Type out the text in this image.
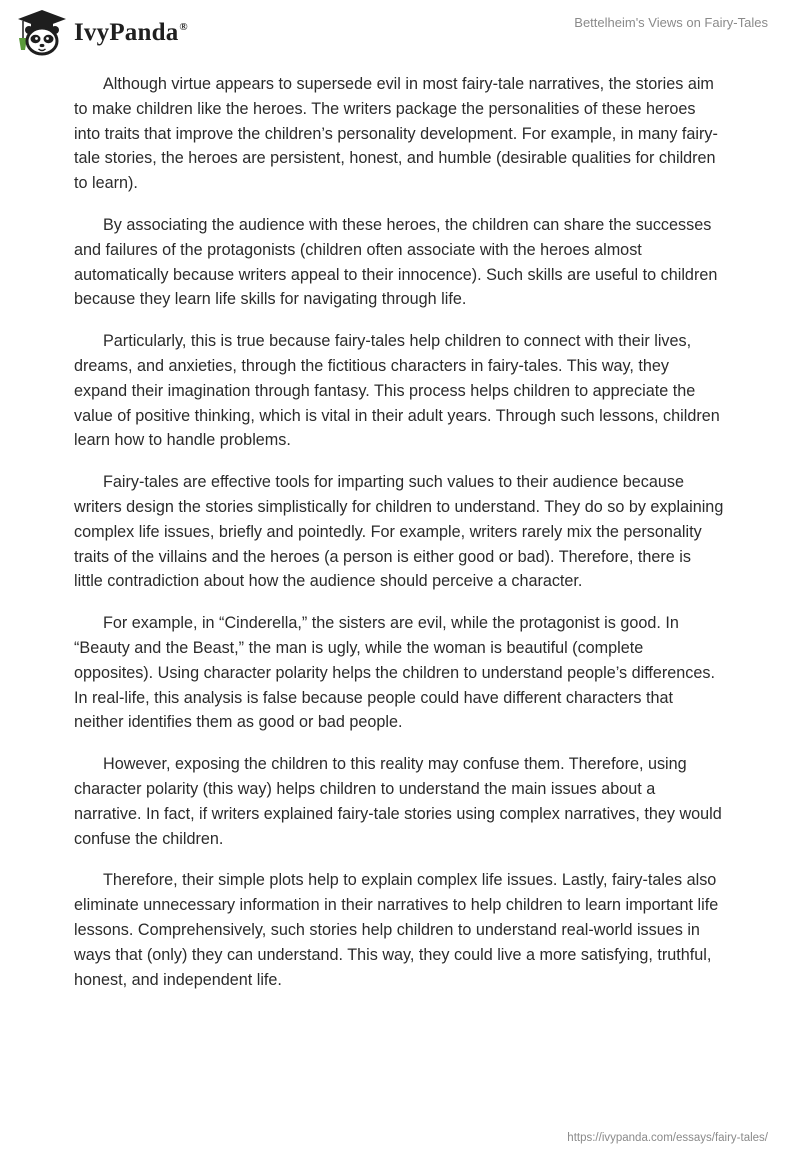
IvyPanda®	Bettelheim's Views on Fairy-Tales

Although virtue appears to supersede evil in most fairy-tale narratives, the stories aim to make children like the heroes. The writers package the personalities of these heroes into traits that improve the children’s personality development. For example, in many fairy-tale stories, the heroes are persistent, honest, and humble (desirable qualities for children to learn).

By associating the audience with these heroes, the children can share the successes and failures of the protagonists (children often associate with the heroes almost automatically because writers appeal to their innocence). Such skills are useful to children because they learn life skills for navigating through life.

Particularly, this is true because fairy-tales help children to connect with their lives, dreams, and anxieties, through the fictitious characters in fairy-tales. This way, they expand their imagination through fantasy. This process helps children to appreciate the value of positive thinking, which is vital in their adult years. Through such lessons, children learn how to handle problems.

Fairy-tales are effective tools for imparting such values to their audience because writers design the stories simplistically for children to understand. They do so by explaining complex life issues, briefly and pointedly. For example, writers rarely mix the personality traits of the villains and the heroes (a person is either good or bad). Therefore, there is little contradiction about how the audience should perceive a character.

For example, in “Cinderella,” the sisters are evil, while the protagonist is good. In “Beauty and the Beast,” the man is ugly, while the woman is beautiful (complete opposites). Using character polarity helps the children to understand people’s differences. In real-life, this analysis is false because people could have different characters that neither identifies them as good or bad people.

However, exposing the children to this reality may confuse them. Therefore, using character polarity (this way) helps children to understand the main issues about a narrative. In fact, if writers explained fairy-tale stories using complex narratives, they would confuse the children.

Therefore, their simple plots help to explain complex life issues. Lastly, fairy-tales also eliminate unnecessary information in their narratives to help children to learn important life lessons. Comprehensively, such stories help children to understand real-world issues in ways that (only) they can understand. This way, they could live a more satisfying, truthful, honest, and independent life.

https://ivypanda.com/essays/fairy-tales/
